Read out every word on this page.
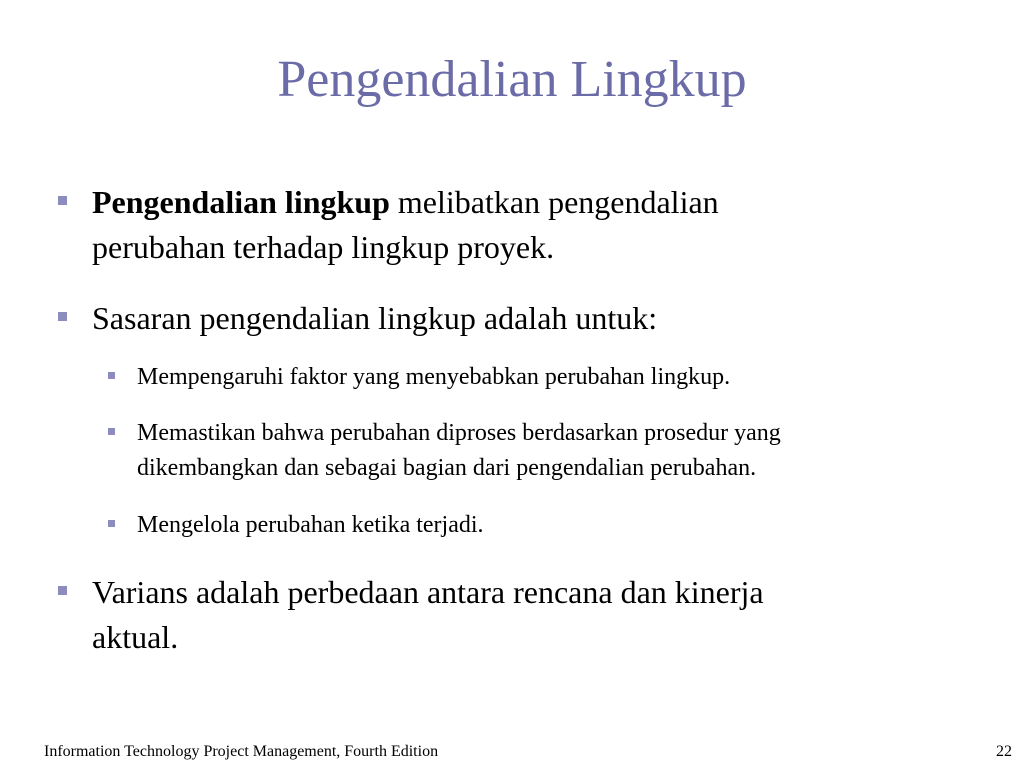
Pengendalian Lingkup
Pengendalian lingkup melibatkan pengendalian
perubahan terhadap lingkup proyek.
Sasaran pengendalian lingkup adalah untuk:
Mempengaruhi faktor yang menyebabkan perubahan lingkup.
Memastikan bahwa perubahan diproses berdasarkan prosedur yang
dikembangkan dan sebagai bagian dari pengendalian perubahan.
Mengelola perubahan ketika terjadi.
Varians adalah perbedaan antara rencana dan kinerja
aktual.
Information Technology Project Management, Fourth Edition	22
